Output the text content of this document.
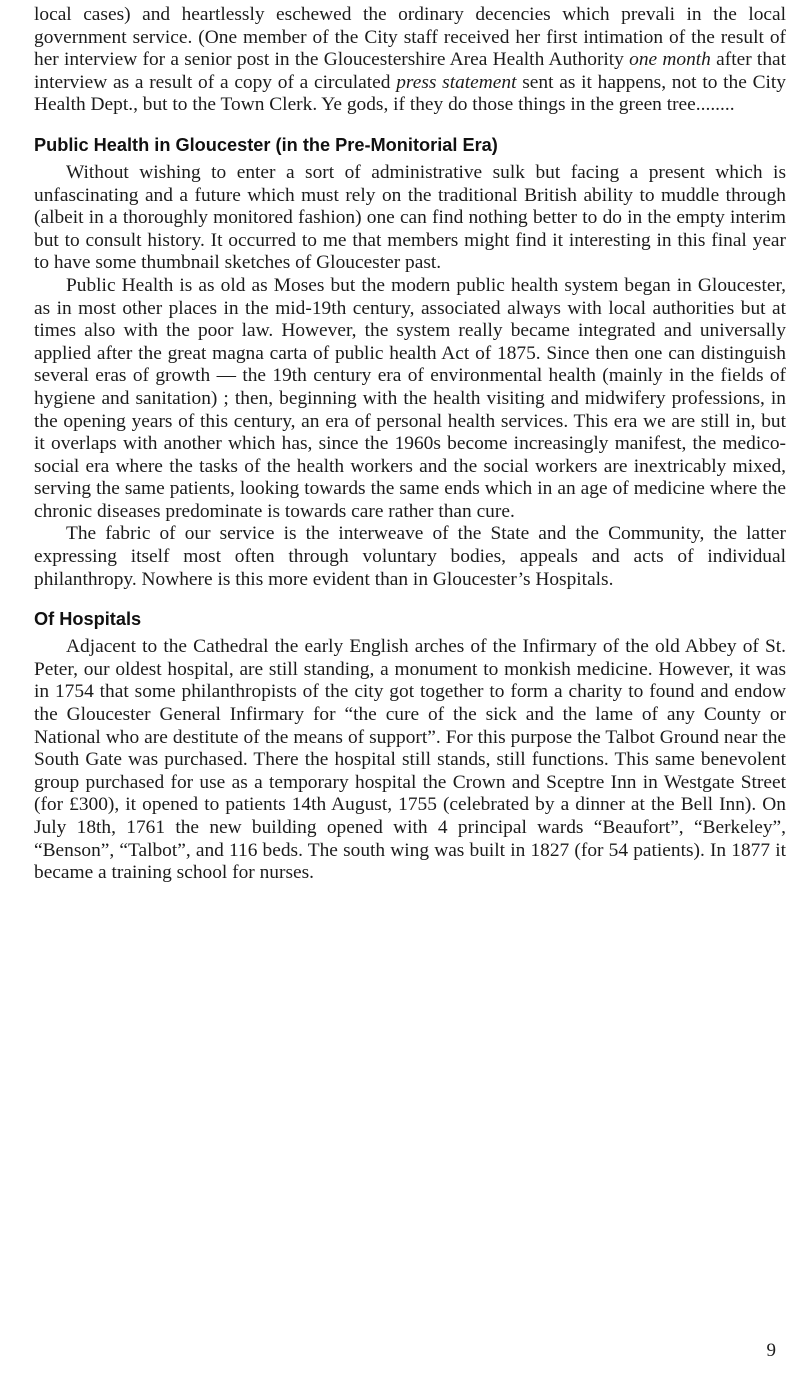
local cases) and heartlessly eschewed the ordinary decencies which prevali in the local government service. (One member of the City staff received her first intimation of the result of her interview for a senior post in the Gloucestershire Area Health Authority one month after that interview as a result of a copy of a circulated press statement sent as it happens, not to the City Health Dept., but to the Town Clerk. Ye gods, if they do those things in the green tree........

Public Health in Gloucester (in the Pre-Monitorial Era)

Without wishing to enter a sort of administrative sulk but facing a present which is unfascinating and a future which must rely on the traditional British ability to muddle through (albeit in a thoroughly monitored fashion) one can find nothing better to do in the empty interim but to consult history. It occurred to me that members might find it interesting in this final year to have some thumbnail sketches of Gloucester past.

Public Health is as old as Moses but the modern public health system began in Gloucester, as in most other places in the mid-19th century, associated always with local authorities but at times also with the poor law. However, the system really became integrated and universally applied after the great magna carta of public health Act of 1875. Since then one can distinguish several eras of growth — the 19th century era of environmental health (mainly in the fields of hygiene and sanitation) ; then, beginning with the health visiting and midwifery professions, in the opening years of this century, an era of personal health services. This era we are still in, but it overlaps with another which has, since the 1960s become increasingly manifest, the medico-social era where the tasks of the health workers and the social workers are inextricably mixed, serving the same patients, looking towards the same ends which in an age of medicine where the chronic diseases predominate is towards care rather than cure.

The fabric of our service is the interweave of the State and the Community, the latter expressing itself most often through voluntary bodies, appeals and acts of individual philanthropy. Nowhere is this more evident than in Gloucester’s Hospitals.

Of Hospitals

Adjacent to the Cathedral the early English arches of the Infirmary of the old Abbey of St. Peter, our oldest hospital, are still standing, a monument to monkish medicine. However, it was in 1754 that some philanthropists of the city got together to form a charity to found and endow the Gloucester General Infirmary for “the cure of the sick and the lame of any County or National who are destitute of the means of support”. For this purpose the Talbot Ground near the South Gate was purchased. There the hospital still stands, still functions. This same benevolent group purchased for use as a temporary hospital the Crown and Sceptre Inn in Westgate Street (for £300), it opened to patients 14th August, 1755 (celebrated by a dinner at the Bell Inn). On July 18th, 1761 the new building opened with 4 principal wards “Beaufort”, “Berkeley”, “Benson”, “Talbot”, and 116 beds. The south wing was built in 1827 (for 54 patients). In 1877 it became a training school for nurses.

9
